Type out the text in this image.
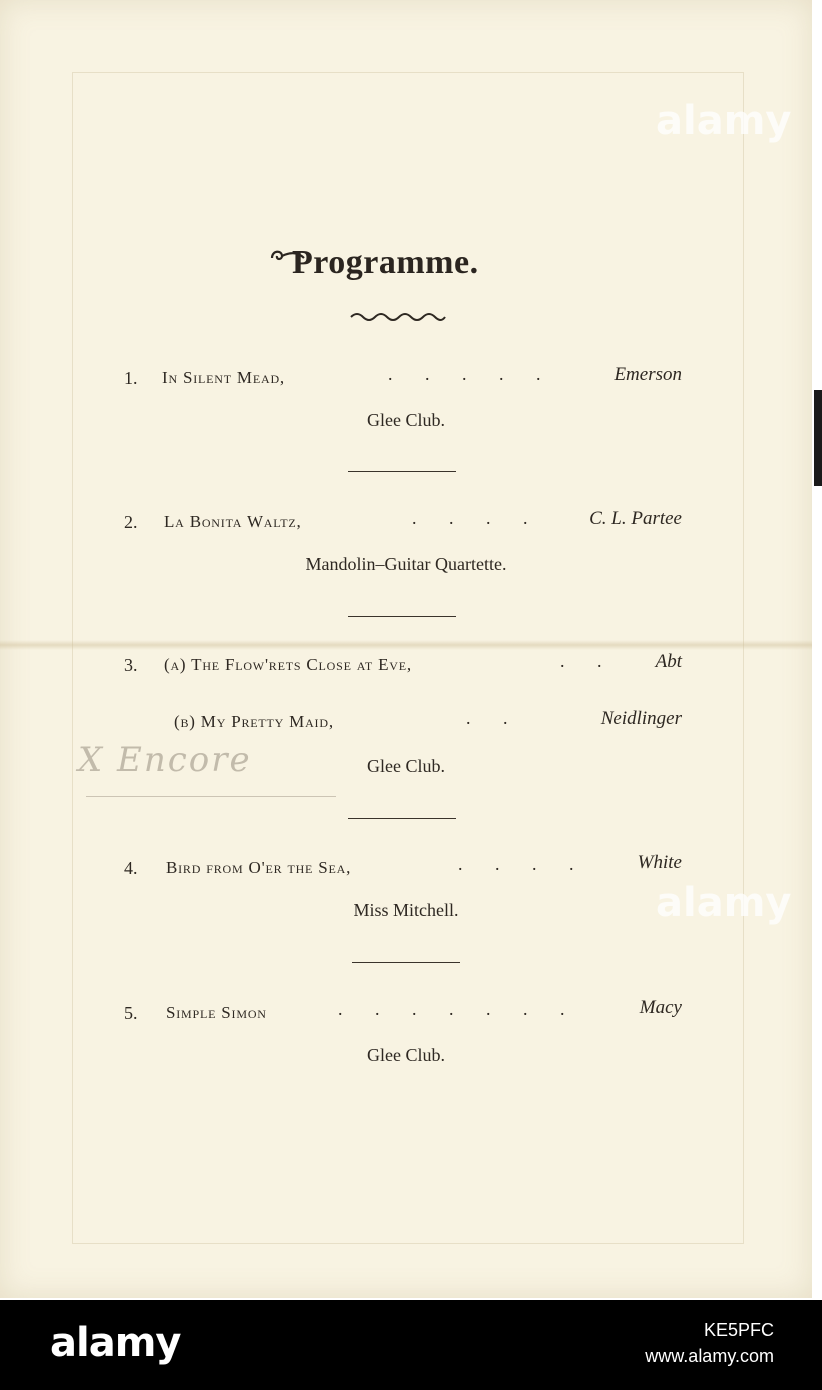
Programme.
1. In Silent Mead,	. . . . .	Emerson
Glee Club.
2. La Bonita Waltz,	. . . .	C. L. Partee
Mandolin–Guitar Quartette.
3. (a) The Flow'rets Close at Eve,	. .	Abt
(b) My Pretty Maid,	. .	Neidlinger
Glee Club.
X Encore
4. Bird from O'er the Sea,	. . . .	White
Miss Mitchell.
5. Simple Simon	. . . . . . .	Macy
Glee Club.
alamy
alamy
alamy	KE5PFC
www.alamy.com
